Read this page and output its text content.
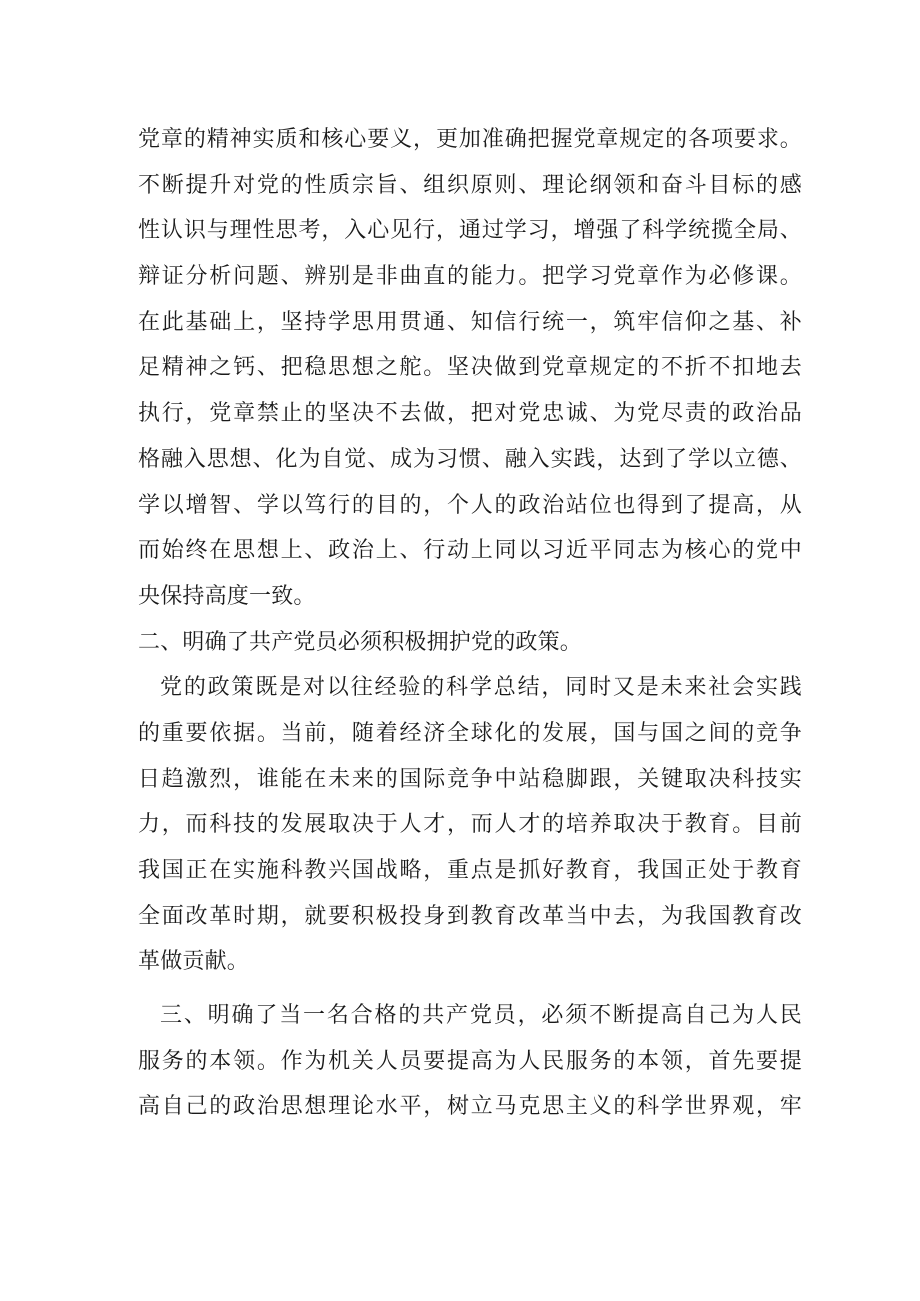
党章的精神实质和核心要义，更加准确把握党章规定的各项要求。
不断提升对党的性质宗旨、组织原则、理论纲领和奋斗目标的感
性认识与理性思考，入心见行，通过学习，增强了科学统揽全局、
辩证分析问题、辨别是非曲直的能力。把学习党章作为必修课。
在此基础上，坚持学思用贯通、知信行统一，筑牢信仰之基、补
足精神之钙、把稳思想之舵。坚决做到党章规定的不折不扣地去
执行，党章禁止的坚决不去做，把对党忠诚、为党尽责的政治品
格融入思想、化为自觉、成为习惯、融入实践，达到了学以立德、
学以增智、学以笃行的目的，个人的政治站位也得到了提高，从
而始终在思想上、政治上、行动上同以习近平同志为核心的党中
央保持高度一致。
二、明确了共产党员必须积极拥护党的政策。
党的政策既是对以往经验的科学总结，同时又是未来社会实践
的重要依据。当前，随着经济全球化的发展，国与国之间的竞争
日趋激烈，谁能在未来的国际竞争中站稳脚跟，关键取决科技实
力，而科技的发展取决于人才，而人才的培养取决于教育。目前
我国正在实施科教兴国战略，重点是抓好教育，我国正处于教育
全面改革时期，就要积极投身到教育改革当中去，为我国教育改
革做贡献。
三、明确了当一名合格的共产党员，必须不断提高自己为人民
服务的本领。作为机关人员要提高为人民服务的本领，首先要提
高自己的政治思想理论水平，树立马克思主义的科学世界观，牢
